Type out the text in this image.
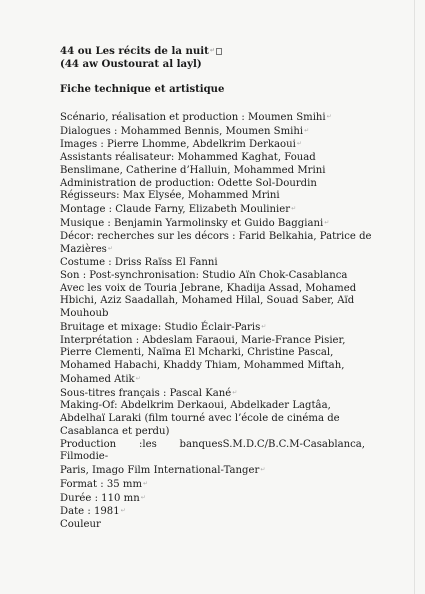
44 ou Les récits de la nuit↵
(44 aw Oustourat al layl)
Fiche technique et artistique
Scénario, réalisation et production : Moumen Smihi↵
Dialogues : Mohammed Bennis, Moumen Smihi↵
Images : Pierre Lhomme, Abdelkrim Derkaoui↵
Assistants réalisateur: Mohammed Kaghat, Fouad
Benslimane, Catherine d’Halluin, Mohammed Mrini
Administration de production: Odette Sol-Dourdin
Régisseurs: Max Elysée, Mohammed Mrini
Montage : Claude Farny, Elizabeth Moulinier↵
Musique : Benjamin Yarmolinsky et Guido Baggiani↵
Décor: recherches sur les décors : Farid Belkahia, Patrice de
Mazières↵
Costume : Driss Raïss El Fanni
Son : Post-synchronisation: Studio Aïn Chok-Casablanca
Avec les voix de Touria Jebrane, Khadija Assad, Mohamed
Hbichi, Aziz Saadallah, Mohamed Hilal, Souad Saber, Aïd
Mouhoub
Bruitage et mixage: Studio Éclair-Paris↵
Interprétation : Abdeslam Faraoui, Marie-France Pisier,
Pierre Clementi, Naïma El Mcharki, Christine Pascal,
Mohamed Habachi, Khaddy Thiam, Mohammed Miftah,
Mohamed Atik↵
Sous-titres français : Pascal Kané↵
Making-Of: Abdelkrim Derkaoui, Abdelkader Lagtâa,
Abdelhaï Laraki (film tourné avec l’école de cinéma de
Casablanca et perdu)
Production :les banquesS.M.D.C/B.C.M-Casablanca, Filmodie-
Paris, Imago Film International-Tanger↵
Format : 35 mm↵
Durée : 110 mn↵
Date : 1981↵
Couleur
